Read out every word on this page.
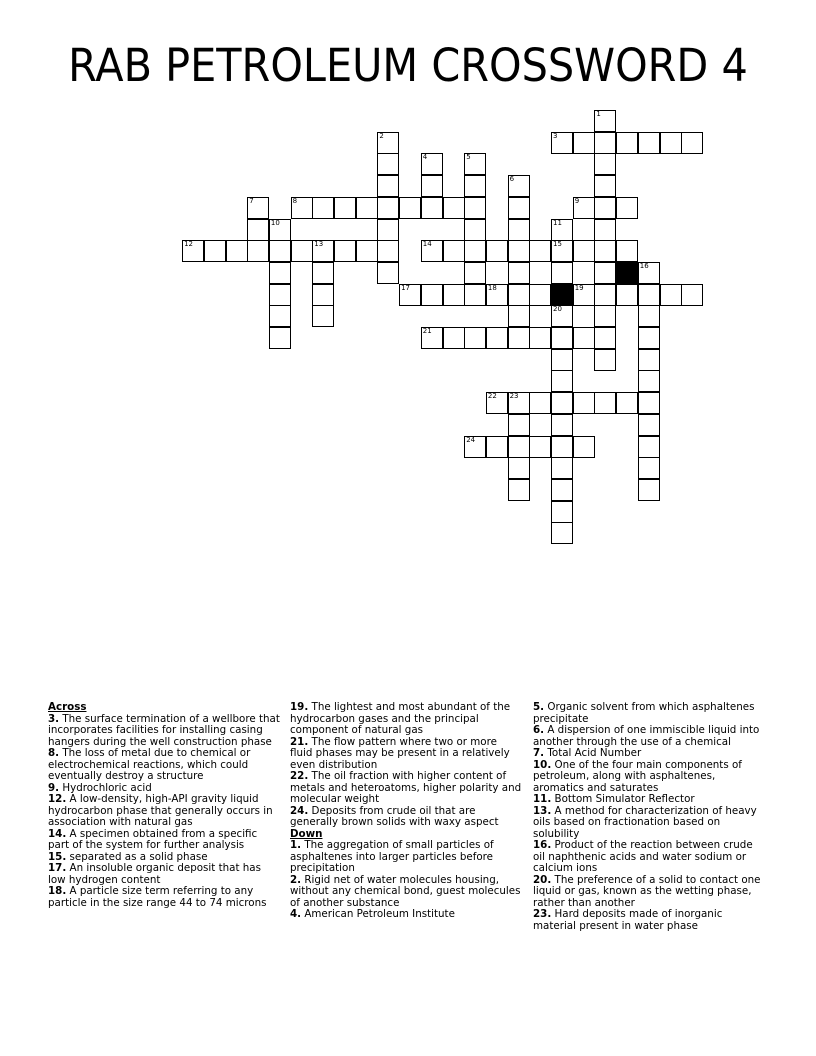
RAB PETROLEUM CROSSWORD 4
1
2	3
4	5
6
7	8	9
10	11
12	13	14	15
16
17	18	19
20
21
22 23
24
Across
3. The surface termination of a wellbore that incorporates facilities for installing casing hangers during the well construction phase
8. The loss of metal due to chemical or electrochemical reactions, which could eventually destroy a structure
9. Hydrochloric acid
12. A low-density, high-API gravity liquid hydrocarbon phase that generally occurs in association with natural gas
14. A specimen obtained from a specific part of the system for further analysis
15. separated as a solid phase
17. An insoluble organic deposit that has low hydrogen content
18. A particle size term referring to any particle in the size range 44 to 74 microns
19. The lightest and most abundant of the hydrocarbon gases and the principal component of natural gas
21. The flow pattern where two or more fluid phases may be present in a relatively even distribution
22. The oil fraction with higher content of metals and heteroatoms, higher polarity and molecular weight
24. Deposits from crude oil that are generally brown solids with waxy aspect
Down
1. The aggregation of small particles of asphaltenes into larger particles before precipitation
2. Rigid net of water molecules housing, without any chemical bond, guest molecules of another substance
4. American Petroleum Institute
5. Organic solvent from which asphaltenes precipitate
6. A dispersion of one immiscible liquid into another through the use of a chemical
7. Total Acid Number
10. One of the four main components of petroleum, along with asphaltenes, aromatics and saturates
11. Bottom Simulator Reflector
13. A method for characterization of heavy oils based on fractionation based on solubility
16. Product of the reaction between crude oil naphthenic acids and water sodium or calcium ions
20. The preference of a solid to contact one liquid or gas, known as the wetting phase, rather than another
23. Hard deposits made of inorganic material present in water phase
